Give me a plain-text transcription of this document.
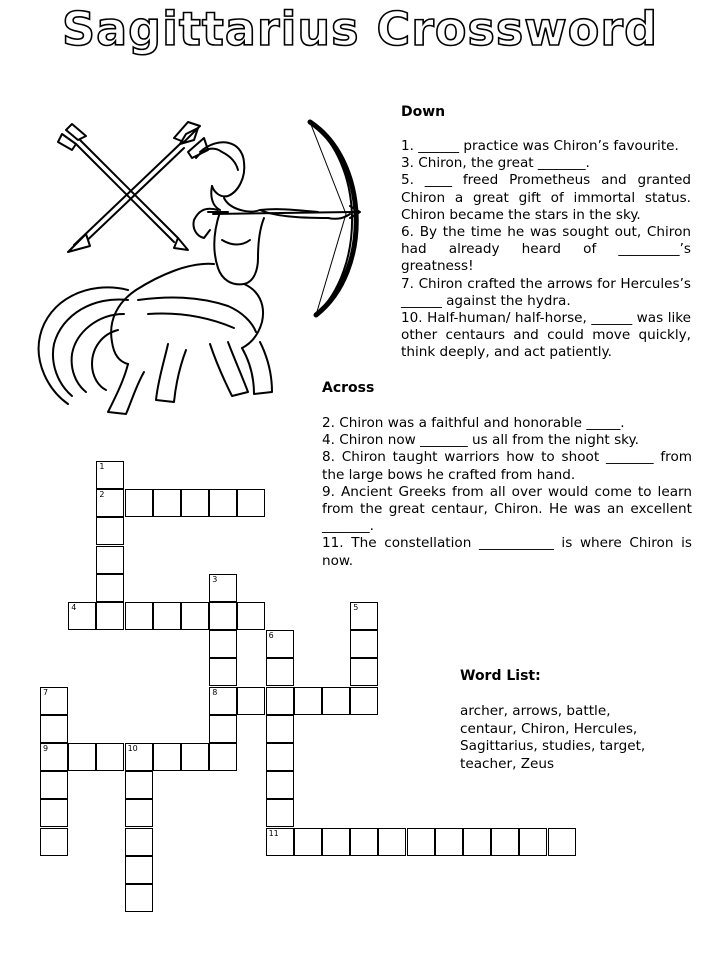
Sagittarius Crossword
Down

1. ______ practice was Chiron’s favourite.

3. Chiron, the great _______.

5. ____ freed Prometheus and granted Chiron a great gift of immortal status. Chiron became the stars in the sky.

6. By the time he was sought out, Chiron had already heard of _________’s greatness!

7. Chiron crafted the arrows for Hercules’s ______ against the hydra.

10. Half-human/ half-horse, ______ was like other centaurs and could move quickly, think deeply, and act patiently.

Across

2. Chiron was a faithful and honorable _____.

4. Chiron now _______ us all from the night sky.

8. Chiron taught warriors how to shoot _______ from the large bows he crafted from hand.

9. Ancient Greeks from all over would come to learn from the great centaur, Chiron. He was an excellent _______.

11. The constellation ___________ is where Chiron is now.

Word List:

archer, arrows, battle, centaur, Chiron, Hercules, Sagittarius, studies, target, teacher, Zeus

1
2
3
8
4	5
6
7
9	10
11
